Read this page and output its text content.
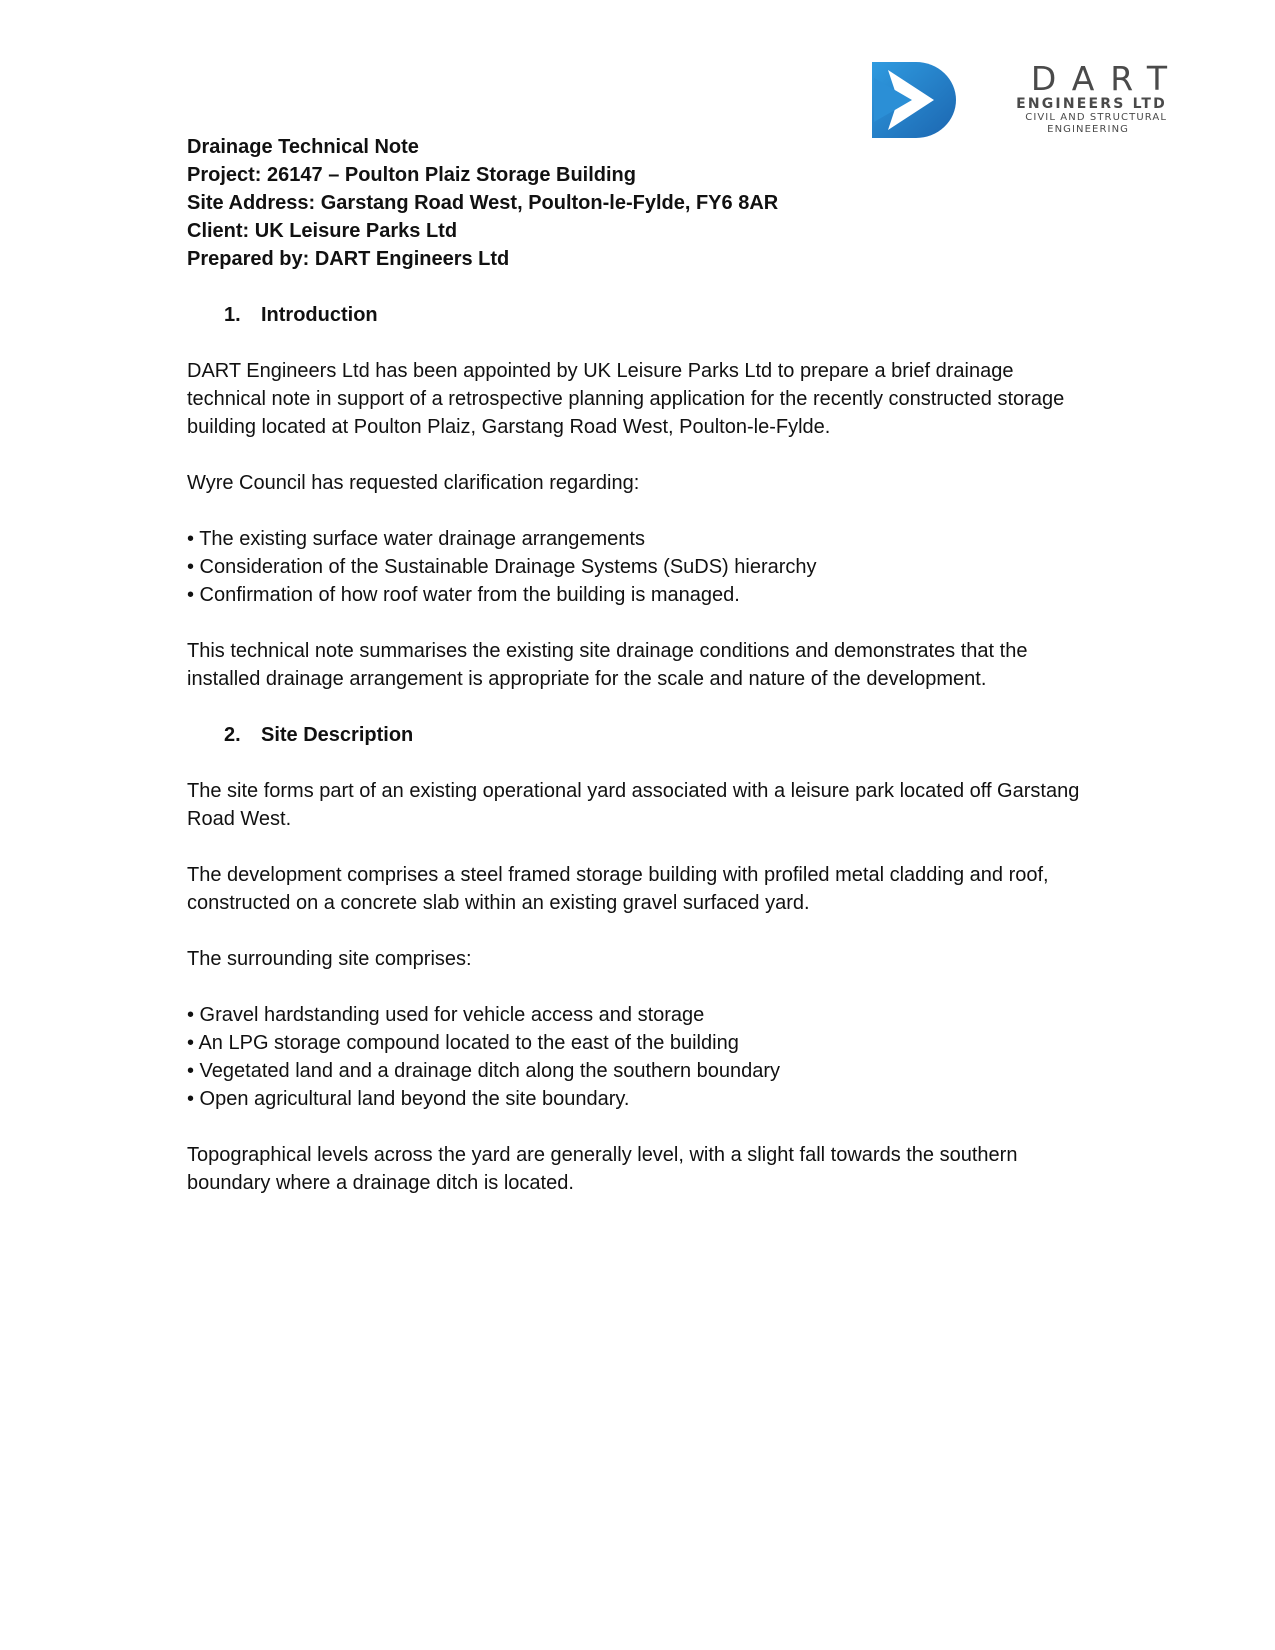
DART
ENGINEERS LTD
CIVIL AND STRUCTURAL
ENGINEERING
Drainage Technical Note
Project: 26147 – Poulton Plaiz Storage Building
Site Address: Garstang Road West, Poulton-le-Fylde, FY6 8AR
Client: UK Leisure Parks Ltd
Prepared by: DART Engineers Ltd
1.	Introduction

DART Engineers Ltd has been appointed by UK Leisure Parks Ltd to prepare a brief drainage technical note in support of a retrospective planning application for the recently constructed storage building located at Poulton Plaiz, Garstang Road West, Poulton-le-Fylde.

Wyre Council has requested clarification regarding:

• The existing surface water drainage arrangements
• Consideration of the Sustainable Drainage Systems (SuDS) hierarchy
• Confirmation of how roof water from the building is managed.

This technical note summarises the existing site drainage conditions and demonstrates that the installed drainage arrangement is appropriate for the scale and nature of the development.

2.	Site Description

The site forms part of an existing operational yard associated with a leisure park located off Garstang Road West.

The development comprises a steel framed storage building with profiled metal cladding and roof, constructed on a concrete slab within an existing gravel surfaced yard.

The surrounding site comprises:

• Gravel hardstanding used for vehicle access and storage
• An LPG storage compound located to the east of the building
• Vegetated land and a drainage ditch along the southern boundary
• Open agricultural land beyond the site boundary.

Topographical levels across the yard are generally level, with a slight fall towards the southern boundary where a drainage ditch is located.
